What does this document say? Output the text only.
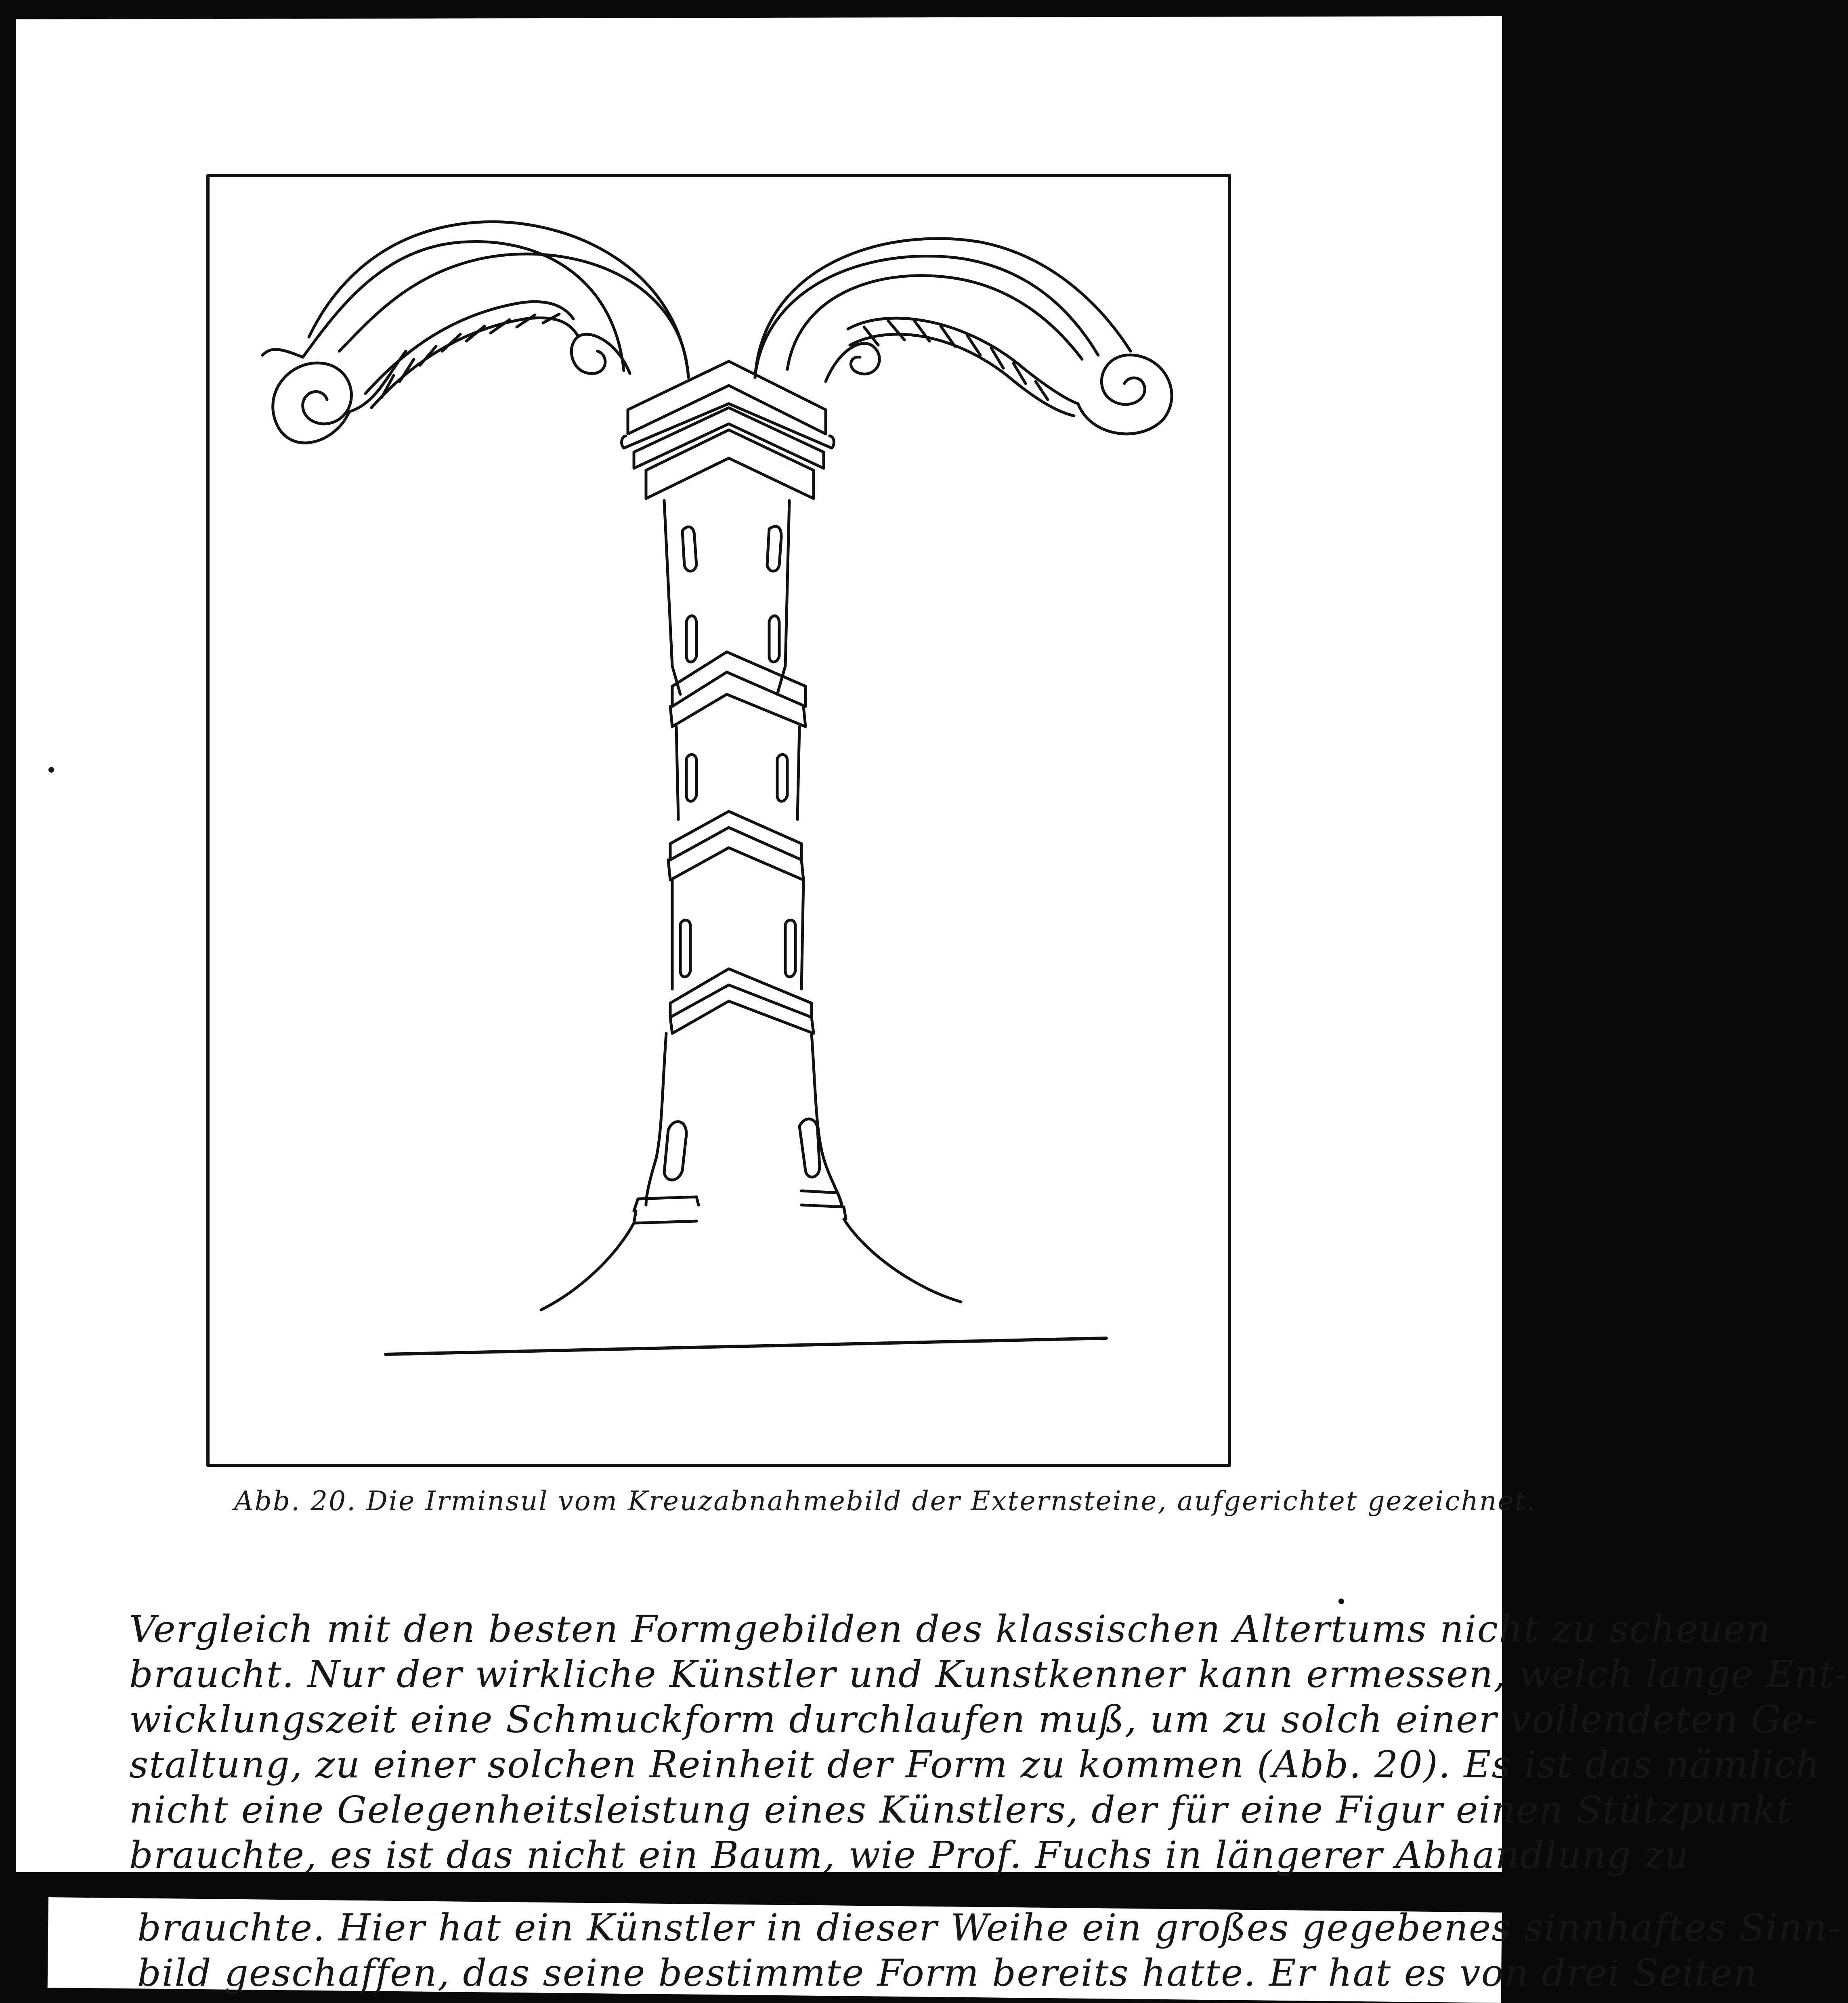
Abb. 20. Die Irminsul vom Kreuzabnahmebild der Externsteine, aufgerichtet gezeichnet.
Vergleich mit den besten Formgebilden des klassischen Altertums nicht zu scheuen
braucht. Nur der wirkliche Künstler und Kunstkenner kann ermessen, welch lange Ent-
wicklungszeit eine Schmuckform durchlaufen muß, um zu solch einer vollendeten Ge-
staltung, zu einer solchen Reinheit der Form zu kommen (Abb. 20). Es ist das nämlich
nicht eine Gelegenheitsleistung eines Künstlers, der für eine Figur einen Stützpunkt
brauchte, es ist das nicht ein Baum, wie Prof. Fuchs in längerer Abhandlung zu
brauchte. Hier hat ein Künstler in dieser Weihe ein großes gegebenes sinnhaftes Sinn-
bild geschaffen, das seine bestimmte Form bereits hatte. Er hat es von drei Seiten
